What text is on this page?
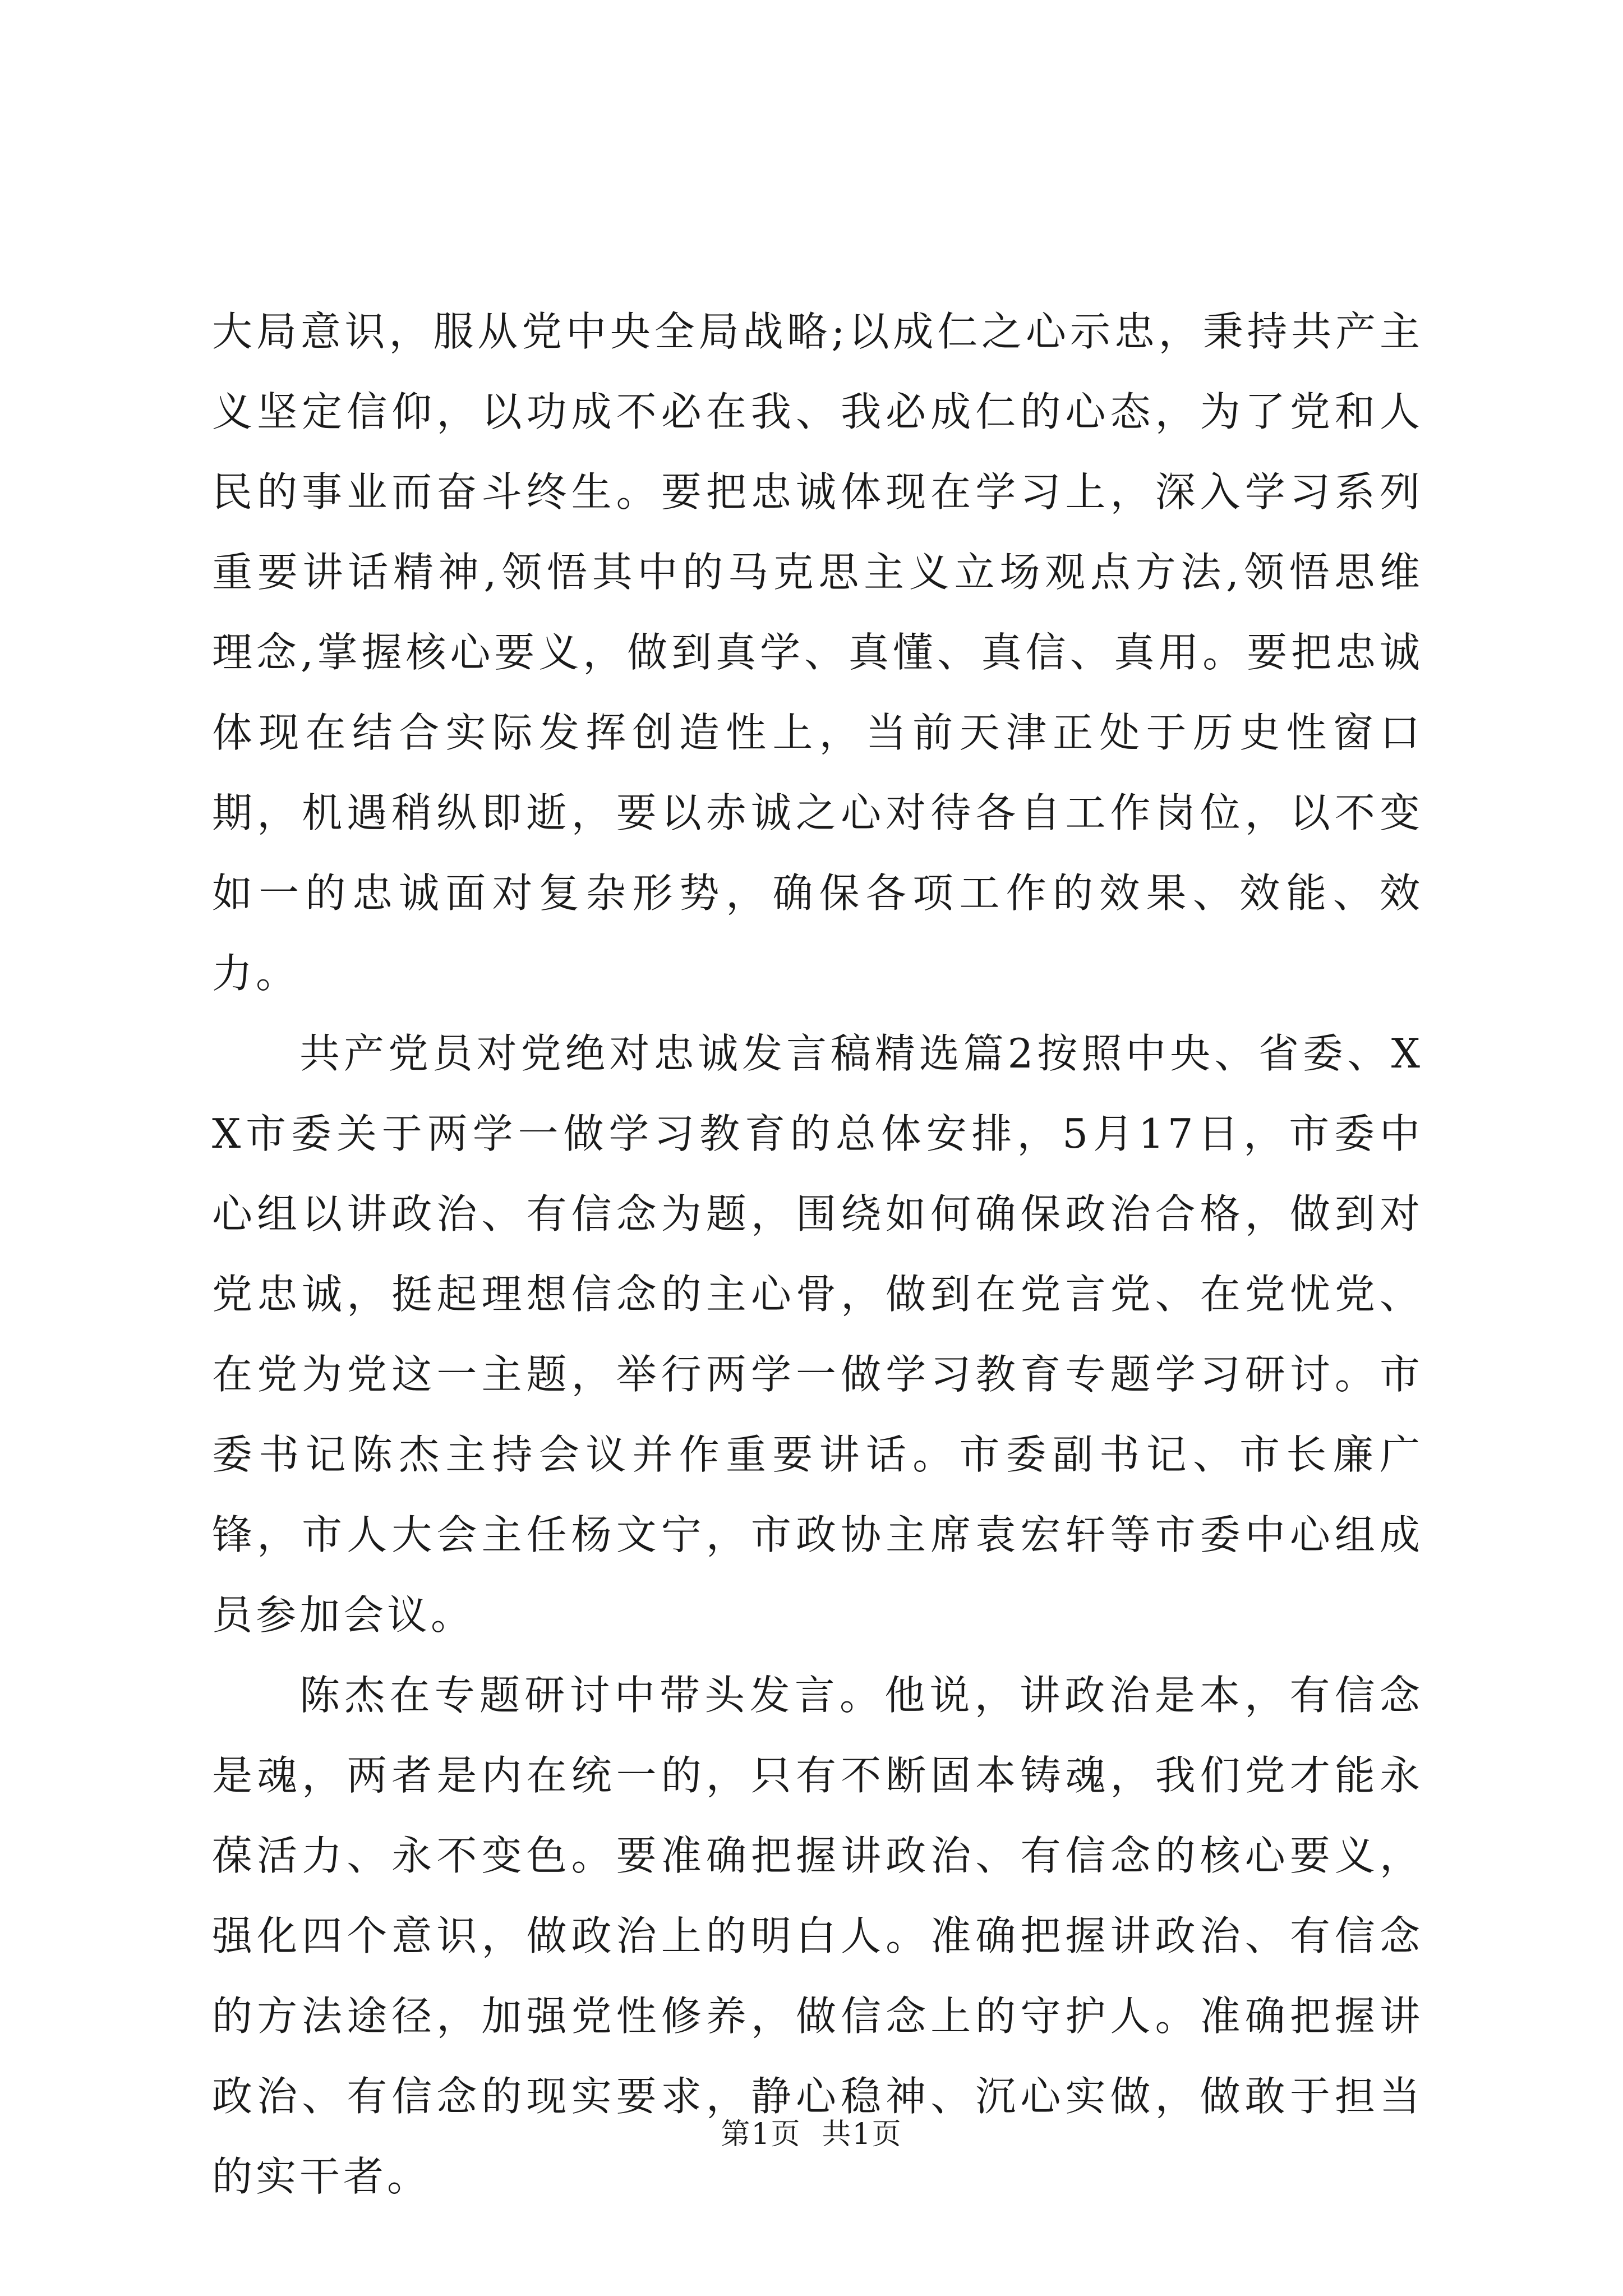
大局意识，服从党中央全局战略;以成仁之心示忠，秉持共产主义坚定信仰，以功成不必在我、我必成仁的心态，为了党和人民的事业而奋斗终生。要把忠诚体现在学习上，深入学习系列重要讲话精神,领悟其中的马克思主义立场观点方法,领悟思维理念,掌握核心要义，做到真学、真懂、真信、真用。要把忠诚体现在结合实际发挥创造性上，当前天津正处于历史性窗口期，机遇稍纵即逝，要以赤诚之心对待各自工作岗位，以不变如一的忠诚面对复杂形势，确保各项工作的效果、效能、效力。

共产党员对党绝对忠诚发言稿精选篇2按照中央、省委、XX市委关于两学一做学习教育的总体安排，5月17日，市委中心组以讲政治、有信念为题，围绕如何确保政治合格，做到对党忠诚，挺起理想信念的主心骨，做到在党言党、在党忧党、在党为党这一主题，举行两学一做学习教育专题学习研讨。市委书记陈杰主持会议并作重要讲话。市委副书记、市长廉广锋，市人大会主任杨文宁，市政协主席袁宏轩等市委中心组成员参加会议。

陈杰在专题研讨中带头发言。他说，讲政治是本，有信念是魂，两者是内在统一的，只有不断固本铸魂，我们党才能永葆活力、永不变色。要准确把握讲政治、有信念的核心要义，强化四个意识，做政治上的明白人。准确把握讲政治、有信念的方法途径，加强党性修养，做信念上的守护人。准确把握讲政治、有信念的现实要求，静心稳神、沉心实做，做敢于担当的实干者。

第1页  共1页
